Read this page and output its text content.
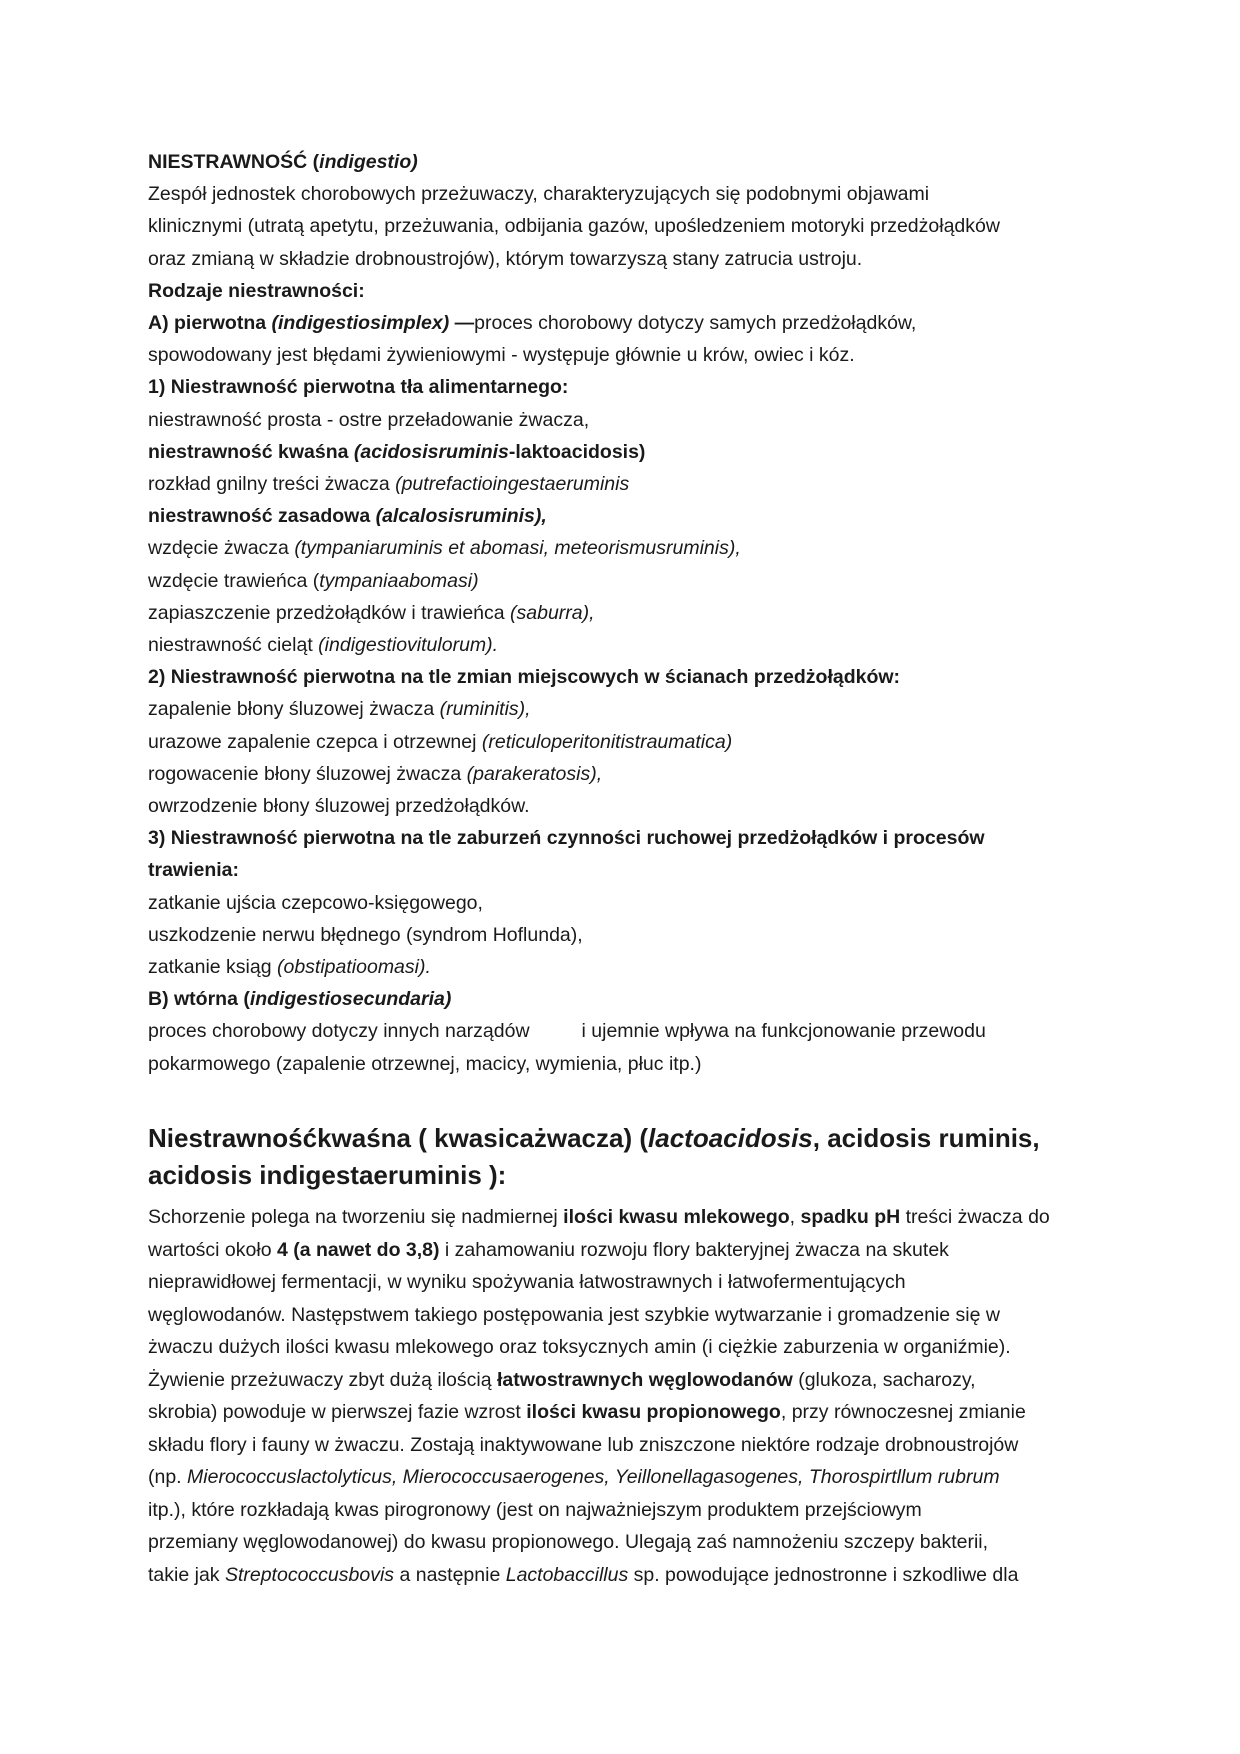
NIESTRAWNOŚĆ (indigestio)

Zespół jednostek chorobowych przeżuwaczy, charakteryzujących się podobnymi objawami

klinicznymi (utratą apetytu, przeżuwania, odbijania gazów, upośledzeniem motoryki przedżołądków

oraz zmianą w składzie drobnoustrojów), którym towarzyszą stany zatrucia ustroju.

Rodzaje niestrawności:

A) pierwotna (indigestiosimplex) —proces chorobowy dotyczy samych przedżołądków,

spowodowany jest błędami żywieniowymi - występuje głównie u krów, owiec i kóz.

1) Niestrawność pierwotna tła alimentarnego:

niestrawność prosta - ostre przeładowanie żwacza,

niestrawność kwaśna (acidosisruminis-laktoacidosis)

rozkład gnilny treści żwacza (putrefactioingestaeruminis

niestrawność zasadowa (alcalosisruminis),

wzdęcie żwacza (tympaniaruminis et abomasi, meteorismusruminis),

wzdęcie trawieńca (tympaniaabomasi)

zapiaszczenie przedżołądków i trawieńca (saburra),

niestrawność cieląt (indigestiovitulorum).

2) Niestrawność pierwotna na tle zmian miejscowych w ścianach przedżołądków:

zapalenie błony śluzowej żwacza (ruminitis),

urazowe zapalenie czepca i otrzewnej (reticuloperitonitistraumatica)

rogowacenie błony śluzowej żwacza (parakeratosis),

owrzodzenie błony śluzowej przedżołądków.

3) Niestrawność pierwotna na tle zaburzeń czynności ruchowej przedżołądków i procesów

trawienia:

zatkanie ujścia czepcowo-księgowego,

uszkodzenie nerwu błędnego (syndrom Hoflunda),

zatkanie ksiąg (obstipatioomasi).

B) wtórna (indigestiosecundaria)

proces chorobowy dotyczy innych narządów	i ujemnie wpływa na funkcjonowanie przewodu

pokarmowego (zapalenie otrzewnej, macicy, wymienia, płuc itp.)

Niestrawnośćkwaśna ( kwasicażwacza) (lactoacidosis, acidosis ruminis,
acidosis indigestaeruminis ):

Schorzenie polega na tworzeniu się nadmiernej ilości kwasu mlekowego, spadku pH treści żwacza do

wartości około 4 (a nawet do 3,8) i zahamowaniu rozwoju flory bakteryjnej żwacza na skutek

nieprawidłowej fermentacji, w wyniku spożywania łatwostrawnych i łatwofermentujących

węglowodanów. Następstwem takiego postępowania jest szybkie wytwarzanie i gromadzenie się w

żwaczu dużych ilości kwasu mlekowego oraz toksycznych amin (i ciężkie zaburzenia w organiźmie).

Żywienie przeżuwaczy zbyt dużą ilością łatwostrawnych węglowodanów (glukoza, sacharozy,

skrobia) powoduje w pierwszej fazie wzrost ilości kwasu propionowego, przy równoczesnej zmianie

składu flory i fauny w żwaczu. Zostają inaktywowane lub zniszczone niektóre rodzaje drobnoustrojów

(np. Mierococcuslactolyticus, Mierococcusaerogenes, Yeillonellagasogenes, Thorospirtllum rubrum

itp.), które rozkładają kwas pirogronowy (jest on najważniejszym produktem przejściowym

przemiany węglowodanowej) do kwasu propionowego. Ulegają zaś namnożeniu szczepy bakterii,

takie jak Streptococcusbovis a następnie Lactobaccillus sp. powodujące jednostronne i szkodliwe dla
